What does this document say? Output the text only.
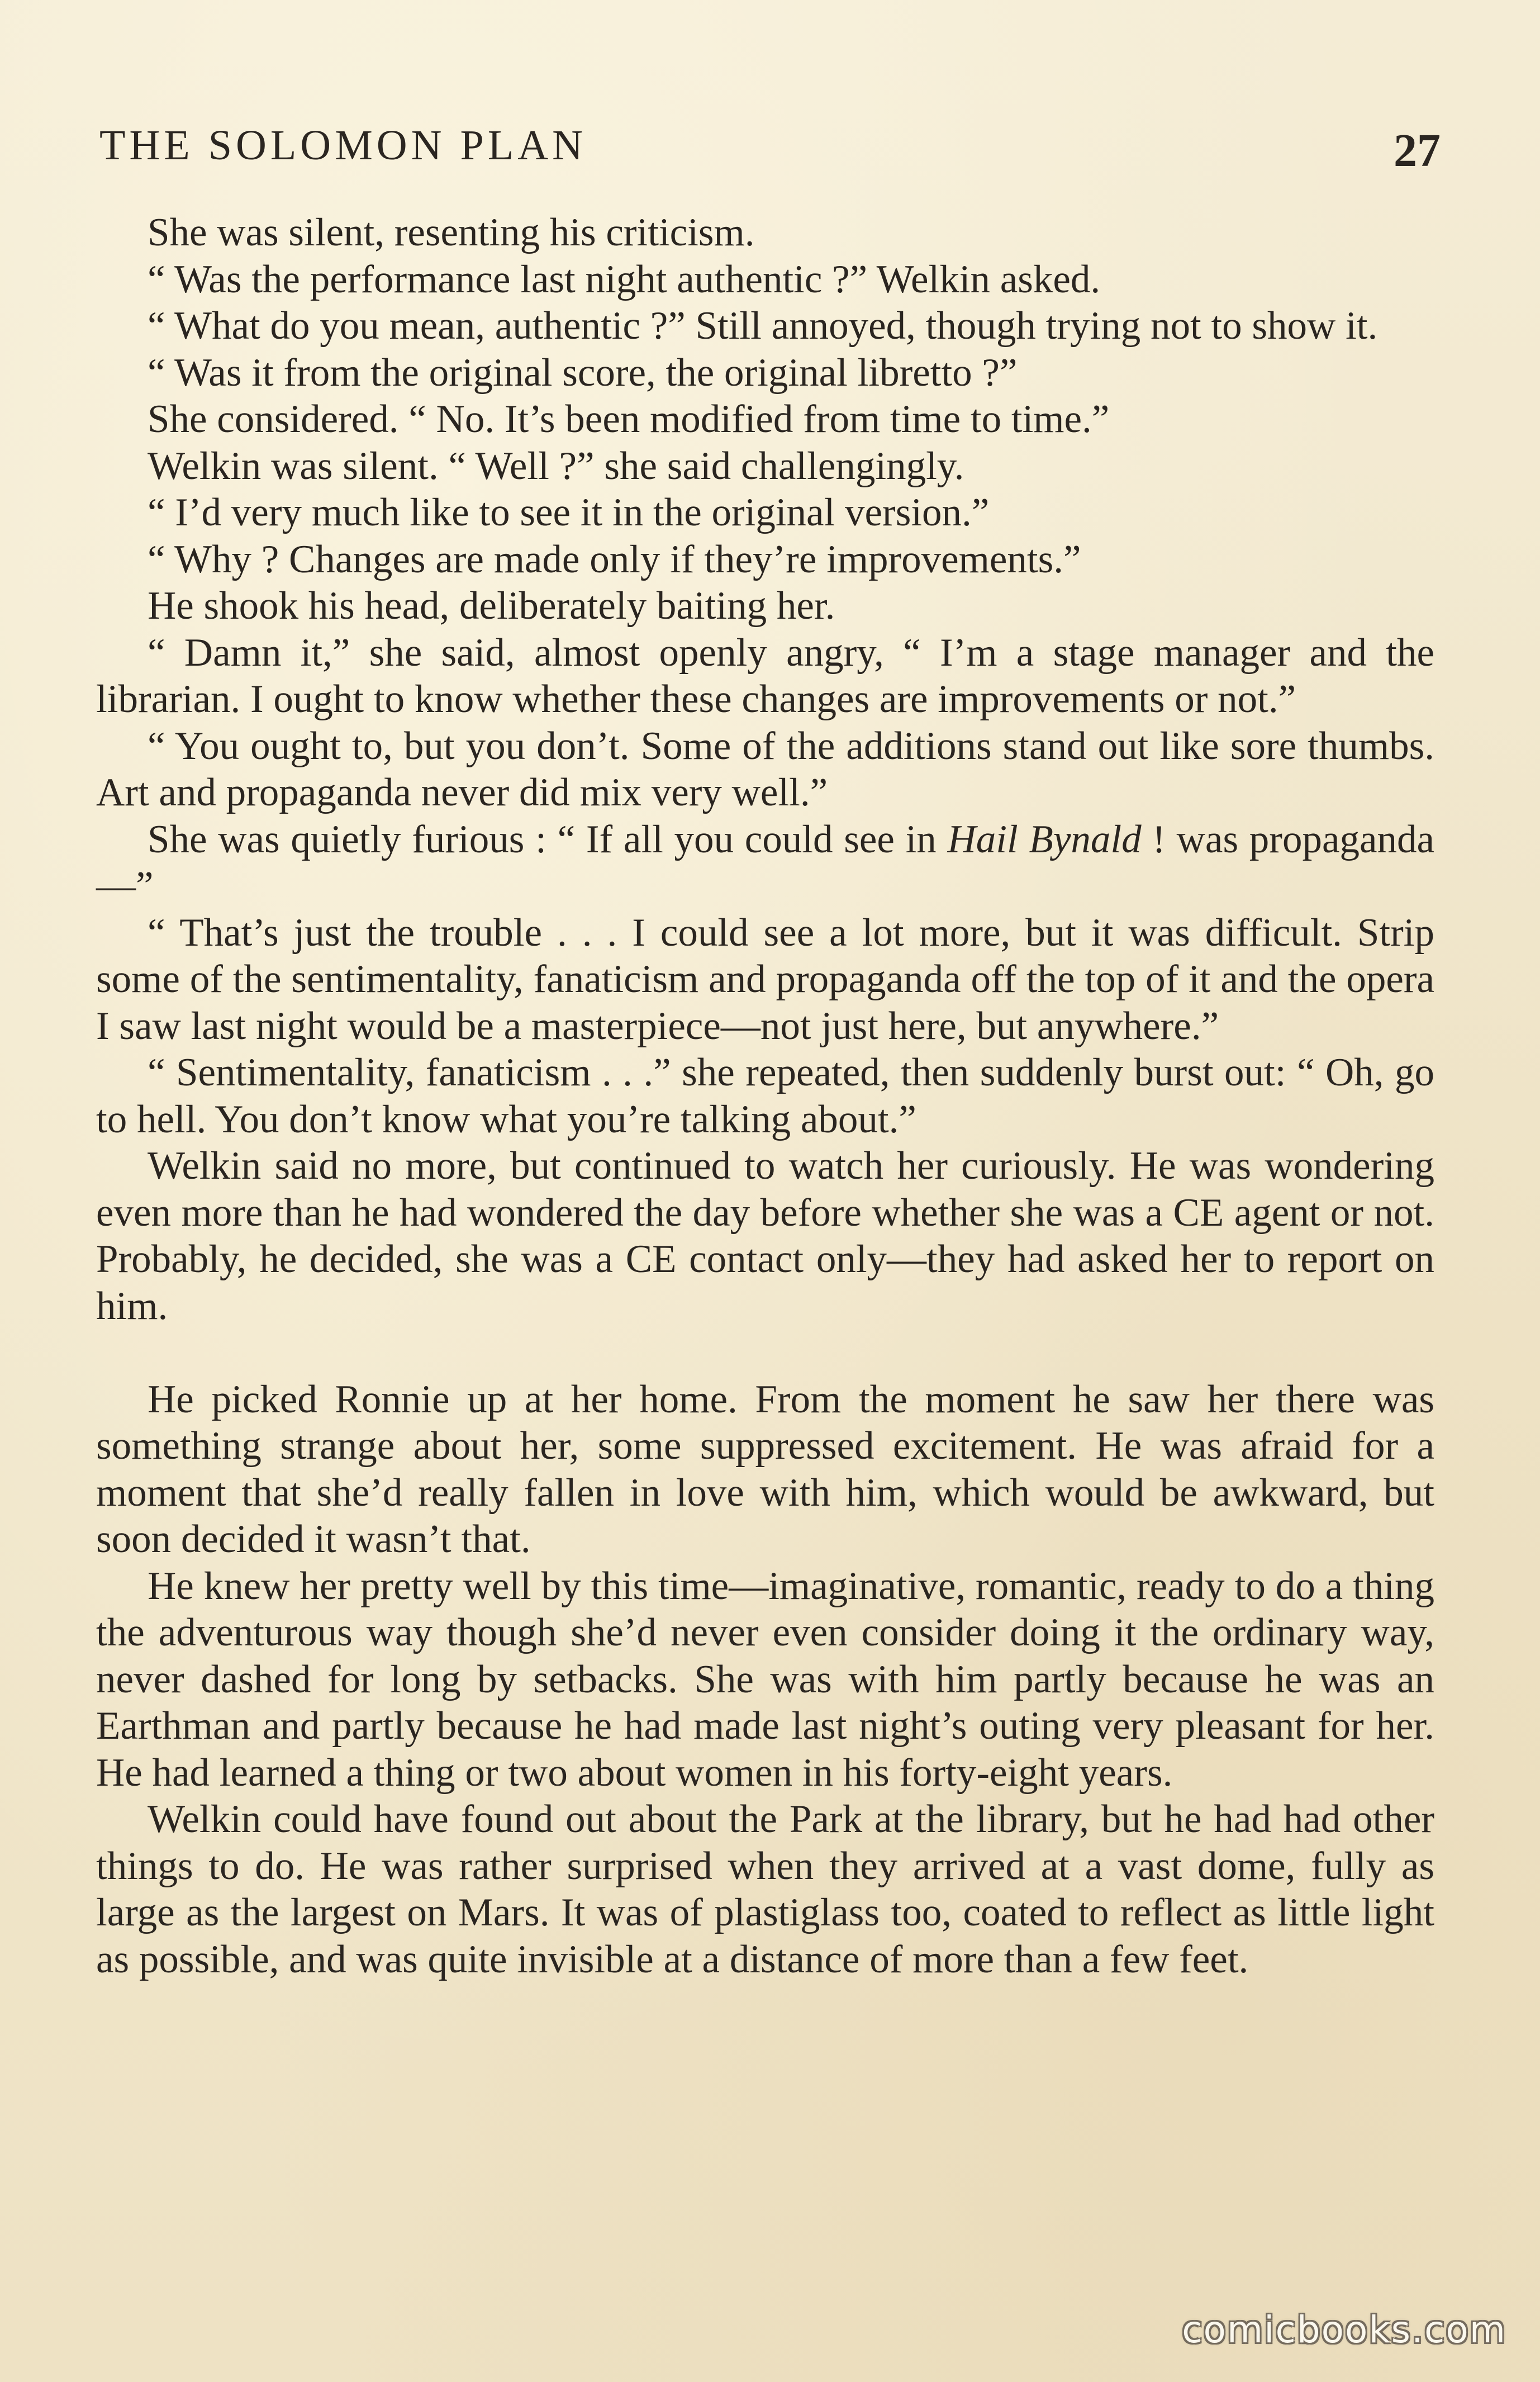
THE SOLOMON PLAN	27

She was silent, resenting his criticism.

“ Was the performance last night authentic ?” Welkin asked.

“ What do you mean, authentic ?” Still annoyed, though trying not to show it.

“ Was it from the original score, the original libretto ?”

She considered. “ No. It’s been modified from time to time.”

Welkin was silent. “ Well ?” she said challengingly.

“ I’d very much like to see it in the original version.”

“ Why ? Changes are made only if they’re improvements.”

He shook his head, deliberately baiting her.

“ Damn it,” she said, almost openly angry, “ I’m a stage manager and the librarian. I ought to know whether these changes are improvements or not.”

“ You ought to, but you don’t. Some of the additions stand out like sore thumbs. Art and propaganda never did mix very well.”

She was quietly furious : “ If all you could see in Hail Bynald ! was propaganda—”

“ That’s just the trouble . . . I could see a lot more, but it was difficult. Strip some of the sentimentality, fanaticism and propaganda off the top of it and the opera I saw last night would be a masterpiece—not just here, but anywhere.”

“ Sentimentality, fanaticism . . .” she repeated, then suddenly burst out: “ Oh, go to hell. You don’t know what you’re talking about.”

Welkin said no more, but continued to watch her curiously. He was wondering even more than he had wondered the day before whether she was a CE agent or not. Probably, he decided, she was a CE contact only—they had asked her to report on him.

He picked Ronnie up at her home. From the moment he saw her there was something strange about her, some suppressed excitement. He was afraid for a moment that she’d really fallen in love with him, which would be awkward, but soon decided it wasn’t that.

He knew her pretty well by this time—imaginative, romantic, ready to do a thing the adventurous way though she’d never even consider doing it the ordinary way, never dashed for long by setbacks. She was with him partly because he was an Earthman and partly because he had made last night’s outing very pleasant for her. He had learned a thing or two about women in his forty-eight years.

Welkin could have found out about the Park at the library, but he had had other things to do. He was rather surprised when they arrived at a vast dome, fully as large as the largest on Mars. It was of plastiglass too, coated to reflect as little light as possible, and was quite invisible at a distance of more than a few feet.

comicbooks.com
